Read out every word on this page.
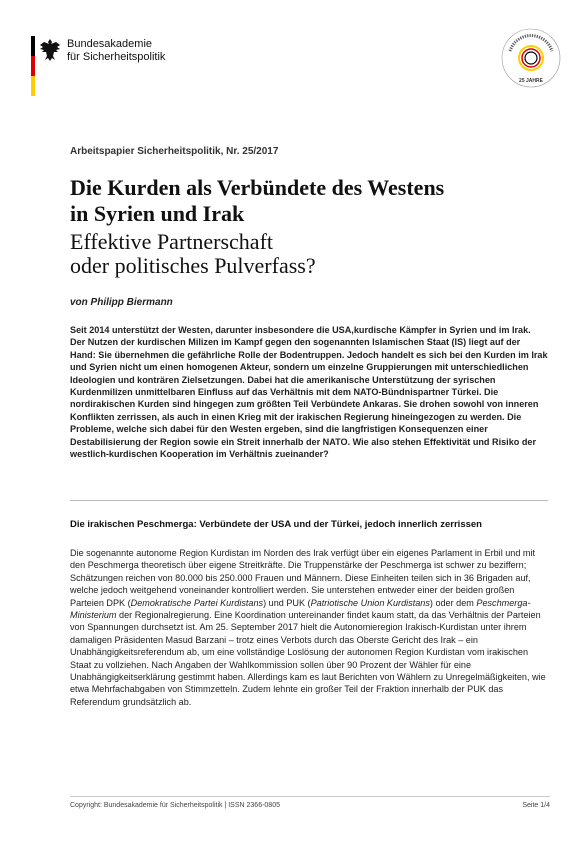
Bundesakademie
für Sicherheitspolitik
25 JAHRE
Arbeitspapier Sicherheitspolitik, Nr. 25/2017
Die Kurden als Verbündete des Westens
in Syrien und Irak
Effektive Partnerschaft
oder politisches Pulverfass?
von Philipp Biermann
Seit 2014 unterstützt der Westen, darunter insbesondere die USA,kurdische Kämpfer in Syrien und im Irak. Der Nutzen der kurdischen Milizen im Kampf gegen den sogenannten Islamischen Staat (IS) liegt auf der Hand: Sie übernehmen die gefährliche Rolle der Bodentruppen. Jedoch handelt es sich bei den Kurden im Irak und Syrien nicht um einen homogenen Akteur, sondern um einzelne Gruppierungen mit unterschiedlichen Ideologien und konträren Zielsetzungen. Dabei hat die amerikanische Unterstützung der syrischen Kurdenmilizen unmittelbaren Einfluss auf das Verhältnis mit dem NATO-Bündnispartner Türkei. Die nordirakischen Kurden sind hingegen zum größten Teil Verbündete Ankaras. Sie drohen sowohl von inneren Konflikten zerrissen, als auch in einen Krieg mit der irakischen Regierung hineingezogen zu werden. Die Probleme, welche sich dabei für den Westen ergeben, sind die langfristigen Konsequenzen einer Destabilisierung der Region sowie ein Streit innerhalb der NATO. Wie also stehen Effektivität und Risiko der westlich-kurdischen Kooperation im Verhältnis zueinander?
Die irakischen Peschmerga: Verbündete der USA und der Türkei, jedoch innerlich zerrissen
Die sogenannte autonome Region Kurdistan im Norden des Irak verfügt über ein eigenes Parlament in Erbil und mit den Peschmerga theoretisch über eigene Streitkräfte. Die Truppenstärke der Peschmerga ist schwer zu beziffern; Schätzungen reichen von 80.000 bis 250.000 Frauen und Männern. Diese Einheiten teilen sich in 36 Brigaden auf, welche jedoch weitgehend voneinander kontrolliert werden. Sie unterstehen entweder einer der beiden großen Parteien DPK (Demokratische Partei Kurdistans) und PUK (Patriotische Union Kurdistans) oder dem Peschmerga-Ministerium der Regionalregierung. Eine Koordination untereinander findet kaum statt, da das Verhältnis der Parteien von Spannungen durchsetzt ist. Am 25. September 2017 hielt die Autonomieregion Irakisch-Kurdistan unter ihrem damaligen Präsidenten Masud Barzani – trotz eines Verbots durch das Oberste Gericht des Irak – ein Unabhängigkeitsreferendum ab, um eine vollständige Loslösung der autonomen Region Kurdistan vom irakischen Staat zu vollziehen. Nach Angaben der Wahlkommission sollen über 90 Prozent der Wähler für eine Unabhängigkeitserklärung gestimmt haben. Allerdings kam es laut Berichten von Wählern zu Unregelmäßigkeiten, wie etwa Mehrfachabgaben von Stimmzetteln. Zudem lehnte ein großer Teil der Fraktion innerhalb der PUK das Referendum grundsätzlich ab.
Copyright: Bundesakademie für Sicherheitspolitik | ISSN 2366-0805	Seite 1/4
